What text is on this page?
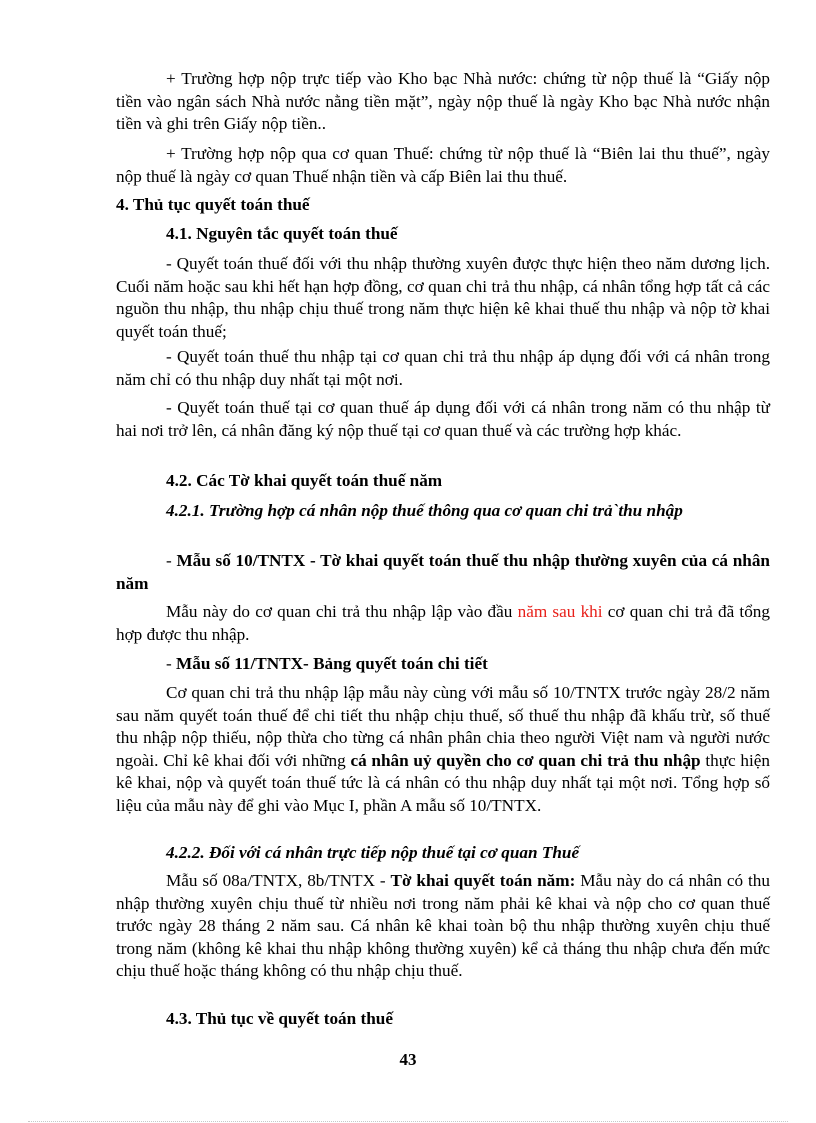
+ Trường hợp nộp trực tiếp vào Kho bạc Nhà nước: chứng từ nộp thuế là “Giấy nộp tiền vào ngân sách Nhà nước nằng tiền mặt”, ngày nộp thuế là ngày Kho bạc Nhà nước nhận tiền và ghi trên Giấy nộp tiền..

+ Trường hợp nộp qua cơ quan Thuế: chứng từ nộp thuế là “Biên lai thu thuế”, ngày nộp thuế là ngày cơ quan Thuế nhận tiền và cấp Biên lai thu thuế.

4. Thủ tục quyết toán thuế

4.1. Nguyên tắc quyết toán thuế

- Quyết toán thuế đối với thu nhập thường xuyên được thực hiện theo năm dương lịch. Cuối năm hoặc sau khi hết hạn hợp đồng, cơ quan chi trả thu nhập, cá nhân tổng hợp tất cả các nguồn thu nhập, thu nhập chịu thuế trong năm thực hiện kê khai thuế thu nhập và nộp tờ khai quyết toán thuế;

- Quyết toán thuế thu nhập tại cơ quan chi trả thu nhập áp dụng đối với cá nhân trong năm chỉ có thu nhập duy nhất tại một nơi.

- Quyết toán thuế tại cơ quan thuế áp dụng đối với cá nhân trong năm có thu nhập từ hai nơi trở lên, cá nhân đăng ký nộp thuế tại cơ quan thuế và các trường hợp khác.

4.2. Các Tờ khai quyết toán thuế năm

4.2.1. Trường hợp cá nhân nộp thuế thông qua cơ quan chi trả`thu nhập

- Mẫu số 10/TNTX - Tờ khai quyết toán thuế thu nhập thường xuyên của cá nhân năm

Mẫu này do cơ quan chi trả thu nhập lập vào đầu năm sau khi cơ quan chi trả đã tổng hợp được thu nhập.

- Mẫu số 11/TNTX- Bảng quyết toán chi tiết

Cơ quan chi trả thu nhập lập mẫu này cùng với mẫu số 10/TNTX trước ngày 28/2 năm sau năm quyết toán thuế để chi tiết thu nhập chịu thuế, số thuế thu nhập đã khấu trừ, số thuế thu nhập nộp thiếu, nộp thừa cho từng cá nhân phân chia theo người Việt nam và người nước ngoài. Chỉ kê khai đối với những cá nhân uỷ quyền cho cơ quan chi trả thu nhập thực hiện kê khai, nộp và quyết toán thuế tức là cá nhân có thu nhập duy nhất tại một nơi. Tổng hợp số liệu của mẫu này để ghi vào Mục I, phần A mẫu số 10/TNTX.

4.2.2. Đối với cá nhân trực tiếp nộp thuế tại cơ quan Thuế

Mẫu số 08a/TNTX, 8b/TNTX - Tờ khai quyết toán năm: Mẫu này do cá nhân có thu nhập thường xuyên chịu thuế từ nhiều nơi trong năm phải kê khai và nộp cho cơ quan thuế trước ngày 28 tháng 2 năm sau. Cá nhân kê khai toàn bộ thu nhập thường xuyên chịu thuế trong năm (không kê khai thu nhập không thường xuyên) kể cả tháng thu nhập chưa đến mức chịu thuế hoặc tháng không có thu nhập chịu thuế.

4.3. Thủ tục về quyết toán thuế

43
